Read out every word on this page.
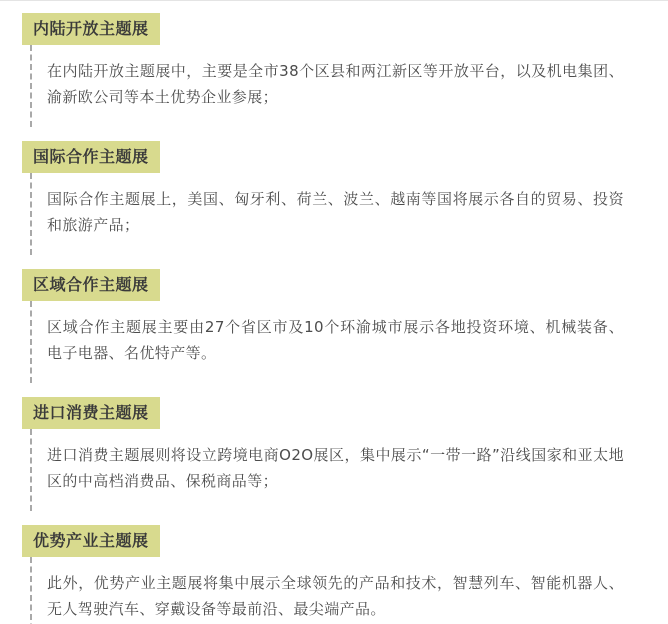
内陆开放主题展

在内陆开放主题展中，主要是全市38个区县和两江新区等开放平台，以及机电集团、渝新欧公司等本土优势企业参展；

国际合作主题展

国际合作主题展上，美国、匈牙利、荷兰、波兰、越南等国将展示各自的贸易、投资和旅游产品；

区域合作主题展

区域合作主题展主要由27个省区市及10个环渝城市展示各地投资环境、机械装备、电子电器、名优特产等。

进口消费主题展

进口消费主题展则将设立跨境电商O2O展区，集中展示“一带一路”沿线国家和亚太地区的中高档消费品、保税商品等；

优势产业主题展

此外，优势产业主题展将集中展示全球领先的产品和技术，智慧列车、智能机器人、无人驾驶汽车、穿戴设备等最前沿、最尖端产品。
